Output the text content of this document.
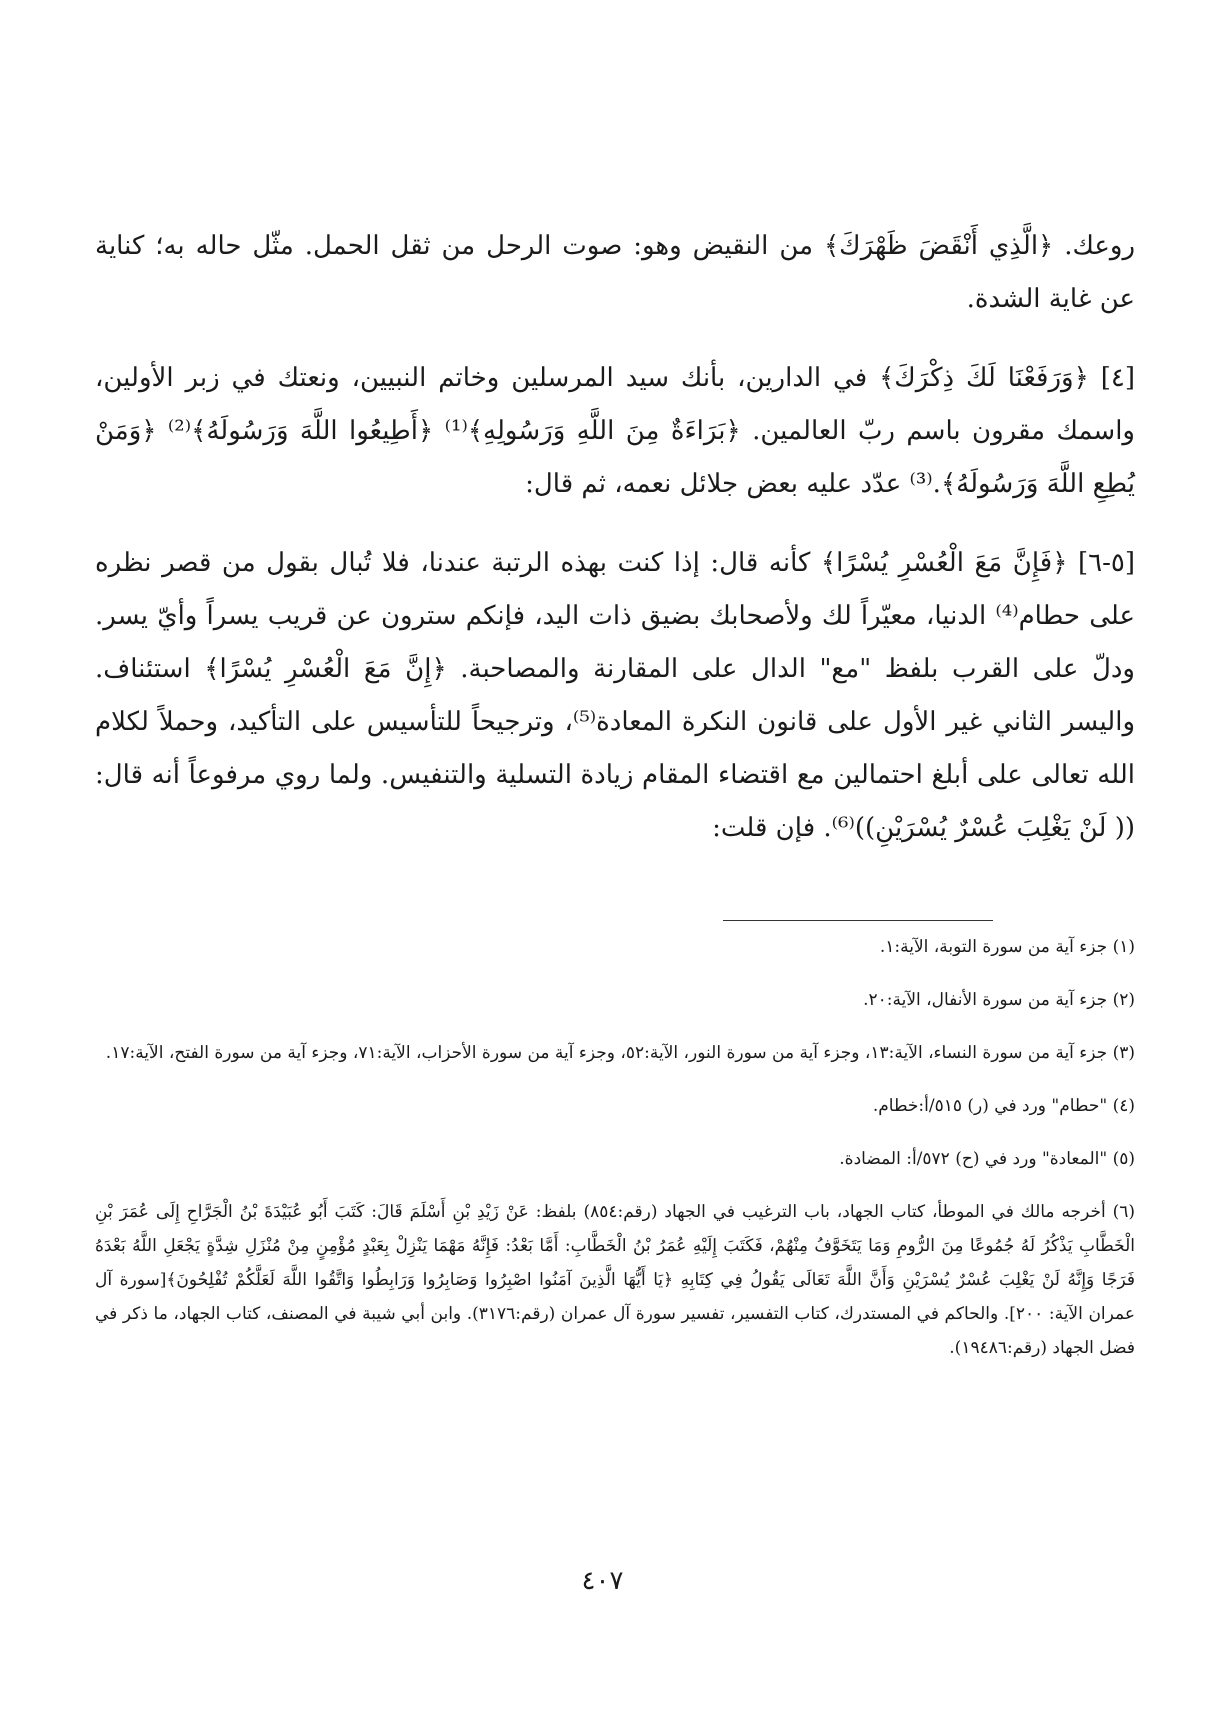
روعك. ﴿الَّذِي أَنْقَضَ ظَهْرَكَ﴾ من النقيض وهو: صوت الرحل من ثقل الحمل. مثّل حاله به؛ كناية عن غاية الشدة.

[٤] ﴿وَرَفَعْنَا لَكَ ذِكْرَكَ﴾ في الدارين، بأنك سيد المرسلين وخاتم النبيين، ونعتك في زبر الأولين، واسمك مقرون باسم ربّ العالمين. ﴿بَرَاءَةٌ مِنَ اللَّهِ وَرَسُولِهِ﴾⁽¹⁾ ﴿أَطِيعُوا اللَّهَ وَرَسُولَهُ﴾⁽²⁾ ﴿وَمَنْ يُطِعِ اللَّهَ وَرَسُولَهُ﴾.⁽³⁾ عدّد عليه بعض جلائل نعمه، ثم قال:

[٥-٦] ﴿فَإِنَّ مَعَ الْعُسْرِ يُسْرًا﴾ كأنه قال: إذا كنت بهذه الرتبة عندنا، فلا تُبال بقول من قصر نظره على حطام⁽⁴⁾ الدنيا، معيّراً لك ولأصحابك بضيق ذات اليد، فإنكم سترون عن قريب يسراً وأيّ يسر. ودلّ على القرب بلفظ "مع" الدال على المقارنة والمصاحبة. ﴿إِنَّ مَعَ الْعُسْرِ يُسْرًا﴾ استئناف. واليسر الثاني غير الأول على قانون النكرة المعادة⁽⁵⁾، وترجيحاً للتأسيس على التأكيد، وحملاً لكلام الله تعالى على أبلغ احتمالين مع اقتضاء المقام زيادة التسلية والتنفيس. ولما روي مرفوعاً أنه قال: (( لَنْ يَغْلِبَ عُسْرٌ يُسْرَيْنِ))⁽⁶⁾. فإن قلت:

(١) جزء آية من سورة التوبة، الآية:١.

(٢) جزء آية من سورة الأنفال، الآية:٢٠.

(٣) جزء آية من سورة النساء، الآية:١٣، وجزء آية من سورة النور، الآية:٥٢، وجزء آية من سورة الأحزاب، الآية:٧١، وجزء آية من سورة الفتح، الآية:١٧.

(٤) "حطام" ورد في (ر) ٥١٥/أ:خطام.

(٥) "المعادة" ورد في (ح) ٥٧٢/أ: المضادة.

(٦) أخرجه مالك في الموطأ، كتاب الجهاد، باب الترغيب في الجهاد (رقم:٨٥٤) بلفظ: عَنْ زَيْدِ بْنِ أَسْلَمَ قَالَ: كَتَبَ أَبُو عُبَيْدَةَ بْنُ الْجَرَّاحِ إِلَى عُمَرَ بْنِ الْخَطَّابِ يَذْكُرُ لَهُ جُمُوعًا مِنَ الرُّومِ وَمَا يَتَخَوَّفُ مِنْهُمْ، فَكَتَبَ إِلَيْهِ عُمَرُ بْنُ الْخَطَّابِ: أَمَّا بَعْدُ: فَإِنَّهُ مَهْمَا يَنْزِلْ بِعَبْدٍ مُؤْمِنٍ مِنْ مُنْزَلِ شِدَّةٍ يَجْعَلِ اللَّهُ بَعْدَهُ فَرَجًا وَإِنَّهُ لَنْ يَغْلِبَ عُسْرٌ يُسْرَيْنِ وَأَنَّ اللَّهَ تَعَالَى يَقُولُ فِي كِتَابِهِ ﴿يَا أَيُّهَا الَّذِينَ آمَنُوا اصْبِرُوا وَصَابِرُوا وَرَابِطُوا وَاتَّقُوا اللَّهَ لَعَلَّكُمْ تُفْلِحُونَ﴾[سورة آل عمران الآية: ٢٠٠]. والحاكم في المستدرك، كتاب التفسير، تفسير سورة آل عمران (رقم:٣١٧٦). وابن أبي شيبة في المصنف، كتاب الجهاد، ما ذكر في فضل الجهاد (رقم:١٩٤٨٦).

٤٠٧
